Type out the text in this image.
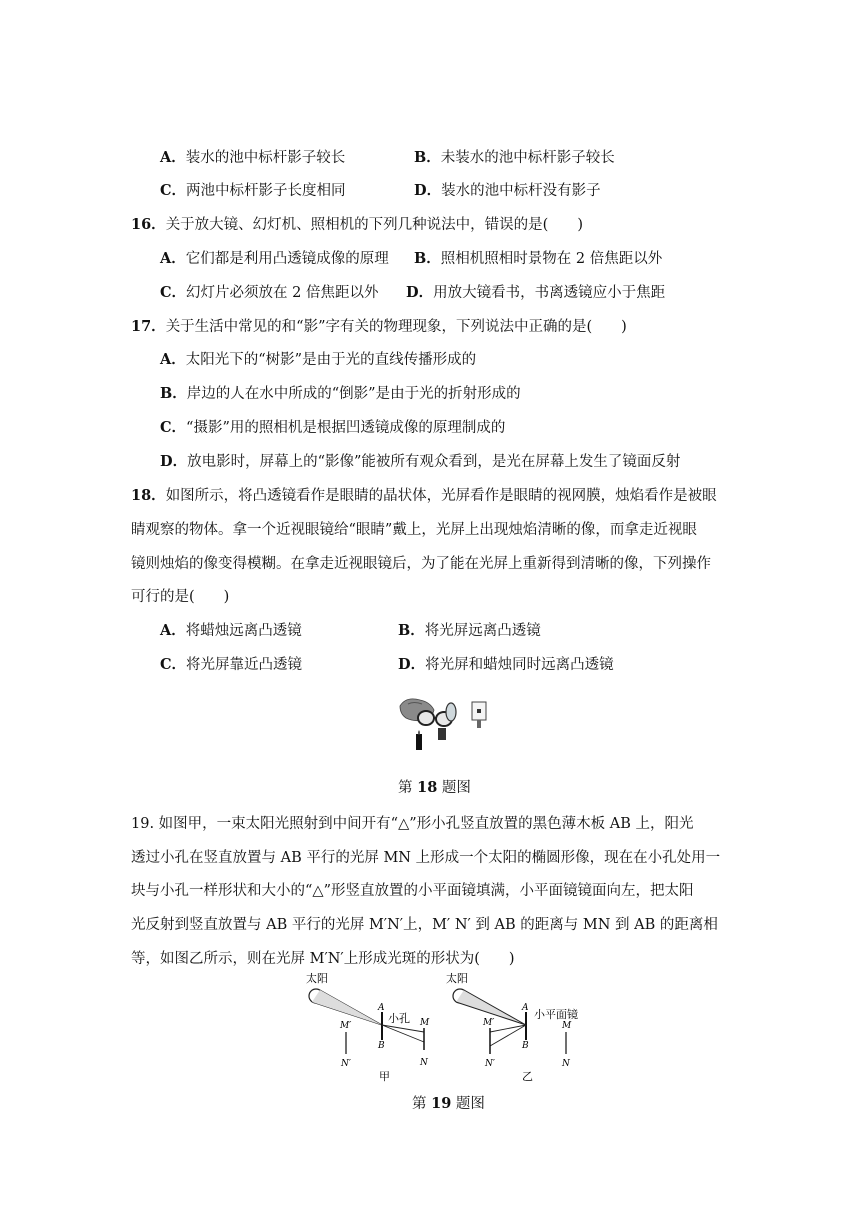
A．装水的池中标杆影子较长	B．未装水的池中标杆影子较长
C．两池中标杆影子长度相同	D．装水的池中标杆没有影子
16．关于放大镜、幻灯机、照相机的下列几种说法中，错误的是(　　)
A．它们都是利用凸透镜成像的原理 B．照相机照相时景物在 2 倍焦距以外
C．幻灯片必须放在 2 倍焦距以外 D．用放大镜看书，书离透镜应小于焦距
17．关于生活中常见的和“影”字有关的物理现象，下列说法中正确的是(　　)
A．太阳光下的“树影”是由于光的直线传播形成的
B．岸边的人在水中所成的“倒影”是由于光的折射形成的
C．“摄影”用的照相机是根据凹透镜成像的原理制成的
D．放电影时，屏幕上的“影像”能被所有观众看到，是光在屏幕上发生了镜面反射
18．如图所示，将凸透镜看作是眼睛的晶状体，光屏看作是眼睛的视网膜，烛焰看作是被眼
睛观察的物体。拿一个近视眼镜给“眼睛”戴上，光屏上出现烛焰清晰的像，而拿走近视眼
镜则烛焰的像变得模糊。在拿走近视眼镜后，为了能在光屏上重新得到清晰的像，下列操作
可行的是(　　)
A．将蜡烛远离凸透镜	B．将光屏远离凸透镜
C．将光屏靠近凸透镜	D．将光屏和蜡烛同时远离凸透镜
第 18 题图
19. 如图甲，一束太阳光照射到中间开有“△”形小孔竖直放置的黑色薄木板 AB 上，阳光
透过小孔在竖直放置与 AB 平行的光屏 MN 上形成一个太阳的椭圆形像，现在在小孔处用一
块与小孔一样形状和大小的“△”形竖直放置的小平面镜填满，小平面镜镜面向左，把太阳
光反射到竖直放置与 AB 平行的光屏 M′N′上，M′ N′ 到 AB 的距离与 MN 到 AB 的距离相
等，如图乙所示，则在光屏 M′N′上形成光斑的形状为(　　)
太阳
A
B
小孔 M
N
M′
N′
甲
太阳
A
B
小平面镜
M′
N′
M
N
乙
第 19 题图
